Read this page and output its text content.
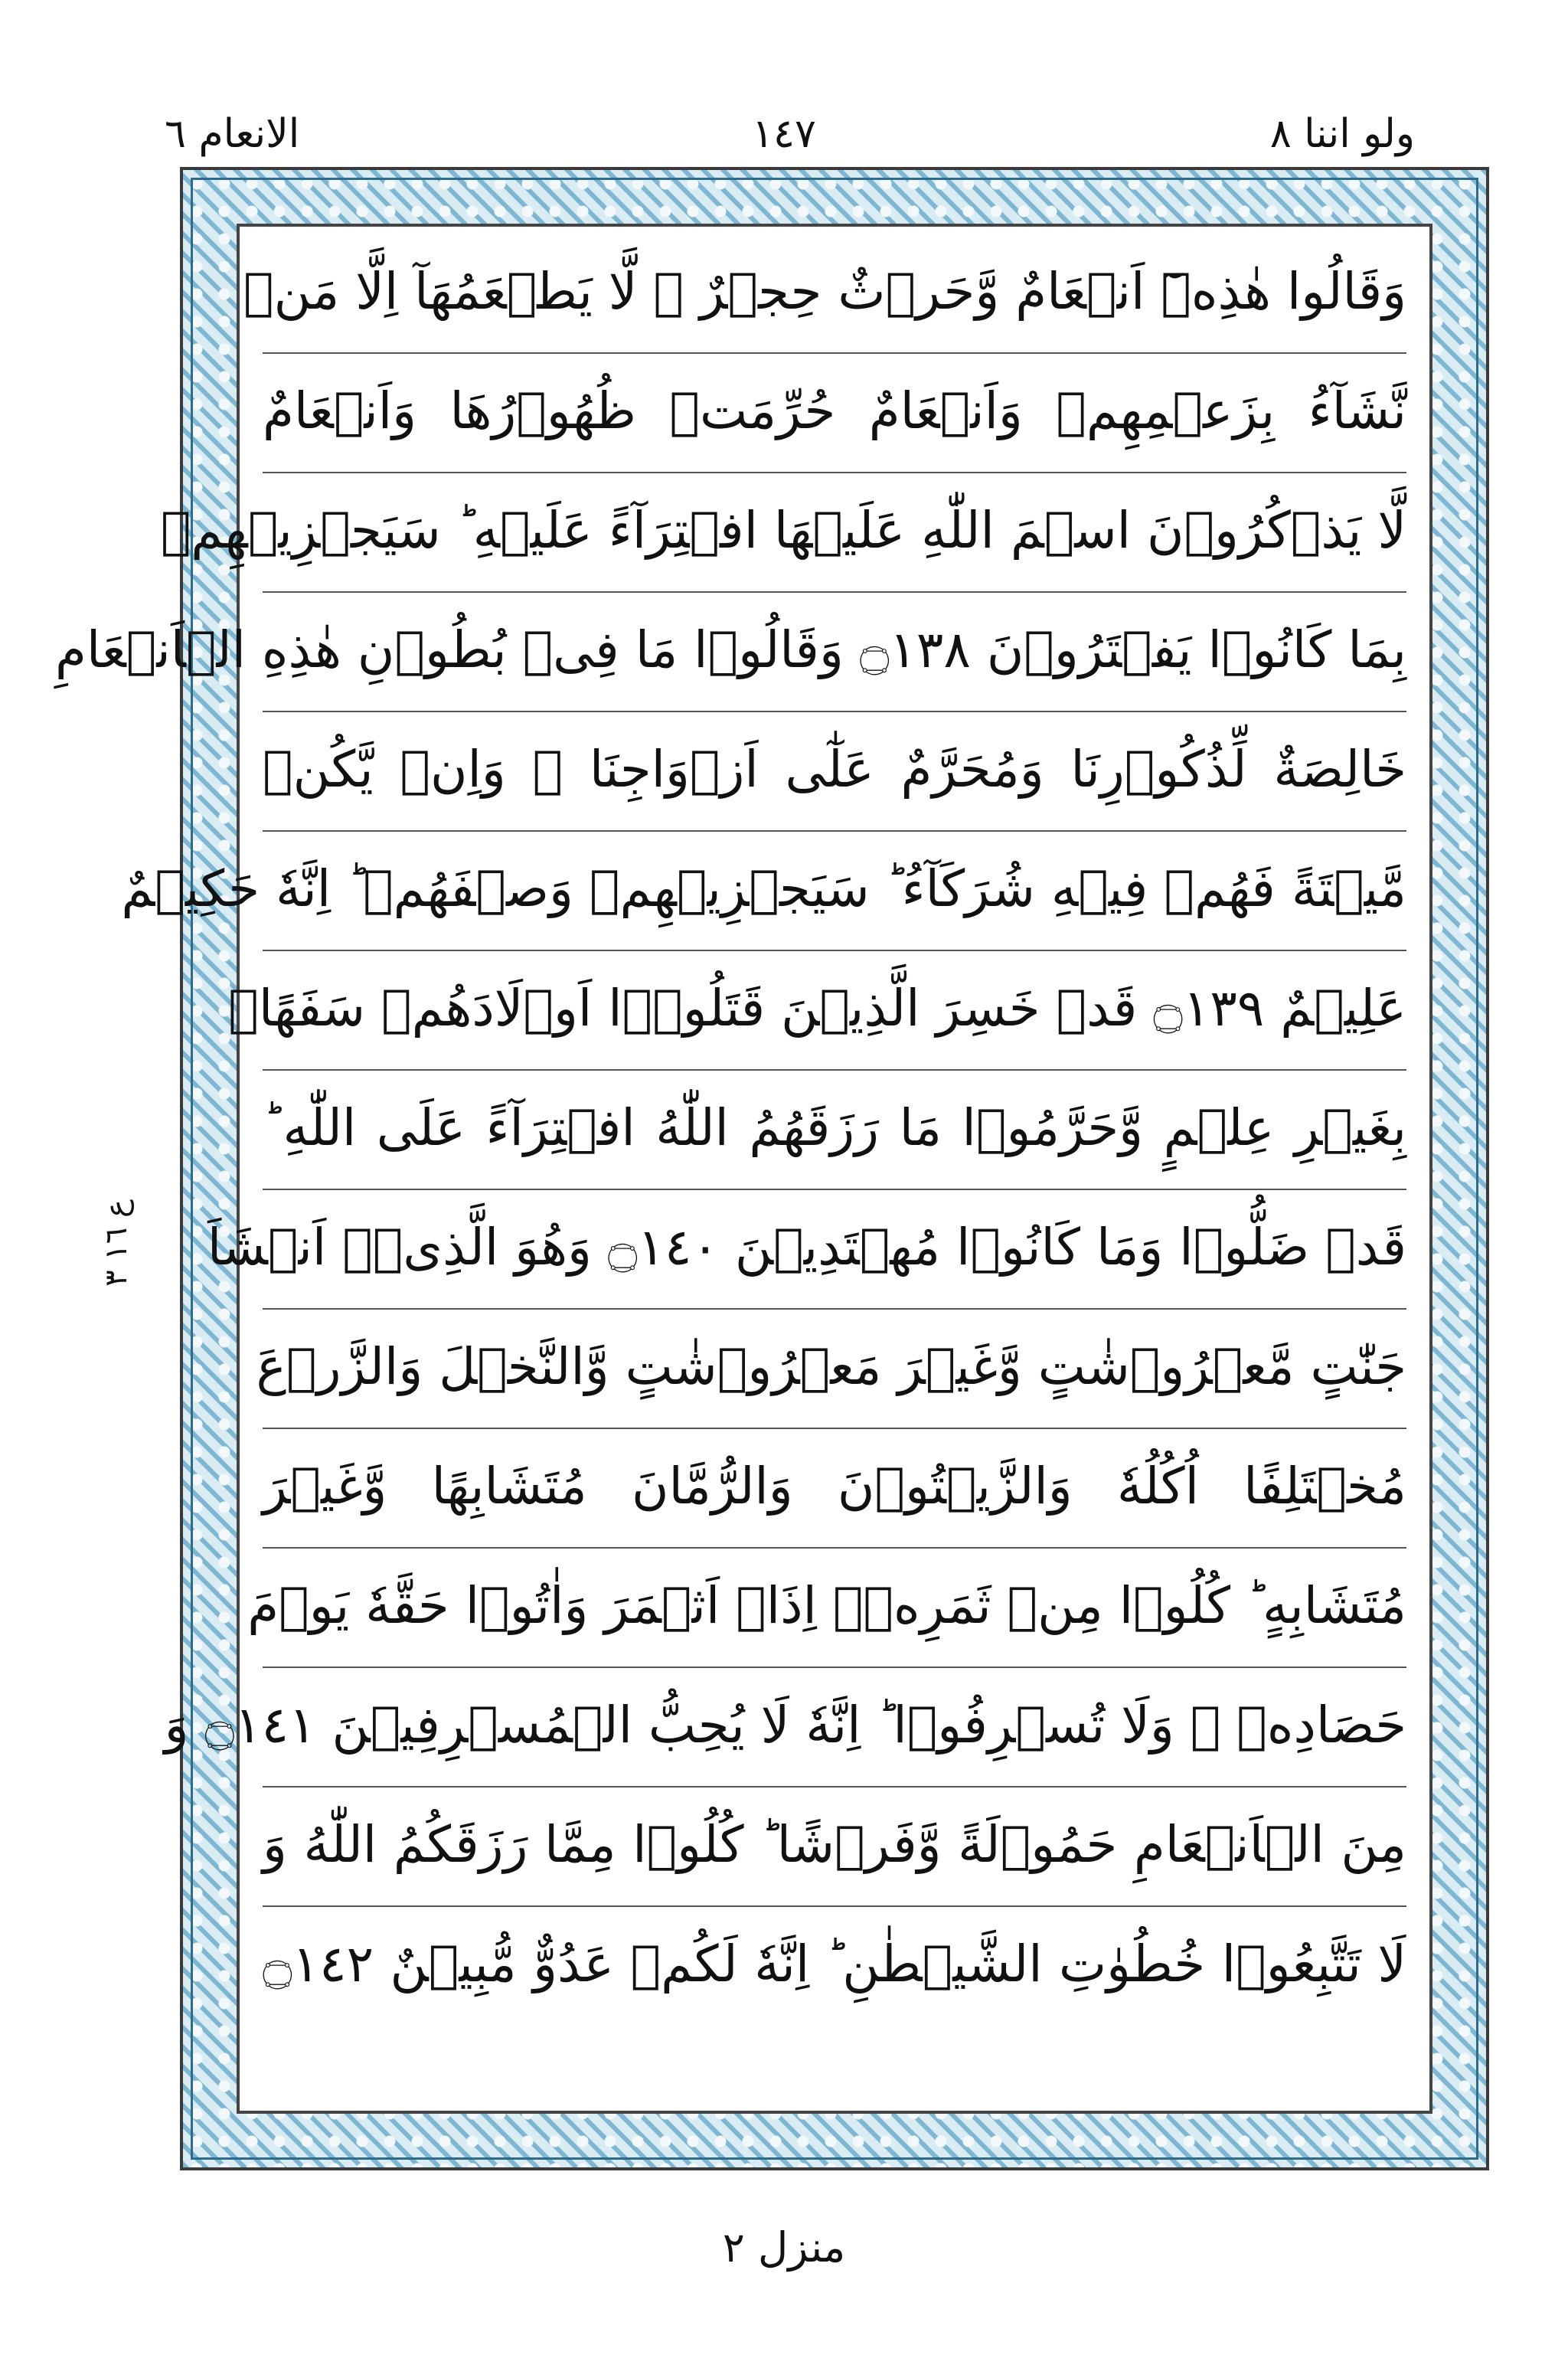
ولو اننا ٨
١٤٧
الانعام ٦
وَقَالُوا هٰذِهٖٓ اَنۡعَامٌ وَّحَرۡثٌ حِجۡرٌ ۖ لَّا يَطۡعَمُهَآ اِلَّا مَنۡ
نَّشَآءُ بِزَعۡمِهِمۡ وَاَنۡعَامٌ حُرِّمَتۡ ظُهُوۡرُهَا وَاَنۡعَامٌ
لَّا يَذۡكُرُوۡنَ اسۡمَ اللّٰهِ عَلَيۡهَا افۡتِرَآءً عَلَيۡهِ ؕ سَيَجۡزِيۡهِمۡ
بِمَا كَانُوۡا يَفۡتَرُوۡنَ ۝١٣٨ وَقَالُوۡا مَا فِىۡ بُطُوۡنِ هٰذِهِ الۡاَنۡعَامِ
خَالِصَةٌ لِّذُكُوۡرِنَا وَمُحَرَّمٌ عَلٰٓى اَزۡوَاجِنَا ۚ وَاِنۡ يَّكُنۡ
مَّيۡتَةً فَهُمۡ فِيۡهِ شُرَكَآءُ ؕ سَيَجۡزِيۡهِمۡ وَصۡفَهُمۡ ؕ اِنَّهٗ حَكِيۡمٌ
عَلِيۡمٌ ۝١٣٩ قَدۡ خَسِرَ الَّذِيۡنَ قَتَلُوۡۤا اَوۡلَادَهُمۡ سَفَهًاۢ
بِغَيۡرِ عِلۡمٍ وَّحَرَّمُوۡا مَا رَزَقَهُمُ اللّٰهُ افۡتِرَآءً عَلَى اللّٰهِ ؕ
قَدۡ ضَلُّوۡا وَمَا كَانُوۡا مُهۡتَدِيۡنَ ۝١٤٠ وَهُوَ الَّذِىۡۤ اَنۡشَاَ
جَنّٰتٍ مَّعۡرُوۡشٰتٍ وَّغَيۡرَ مَعۡرُوۡشٰتٍ وَّالنَّخۡلَ وَالزَّرۡعَ
مُخۡتَلِفًا اُكُلُهٗ وَالزَّيۡتُوۡنَ وَالرُّمَّانَ مُتَشَابِهًا وَّغَيۡرَ
مُتَشَابِهٍ ؕ كُلُوۡا مِنۡ ثَمَرِهٖۤ اِذَاۤ اَثۡمَرَ وَاٰتُوۡا حَقَّهٗ يَوۡمَ
حَصَادِهٖ ۖ وَلَا تُسۡرِفُوۡا ؕ اِنَّهٗ لَا يُحِبُّ الۡمُسۡرِفِيۡنَ ۝١٤١ وَ
مِنَ الۡاَنۡعَامِ حَمُوۡلَةً وَّفَرۡشًا ؕ كُلُوۡا مِمَّا رَزَقَكُمُ اللّٰهُ وَ
لَا تَتَّبِعُوۡا خُطُوٰتِ الشَّيۡطٰنِ ؕ اِنَّهٗ لَكُمۡ عَدُوٌّ مُّبِيۡنٌ ۝١٤٢
ع ١٦ ٣
منزل ٢
